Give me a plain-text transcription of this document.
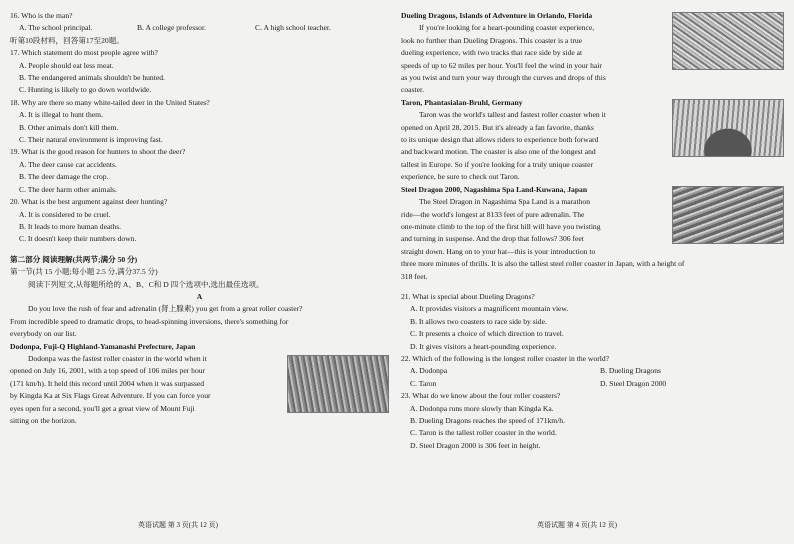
16. Who is the man?
A. The school principal.	B. A college professor.	C. A high school teacher.
听第10段材料，回答第17至20题。
17. Which statement do most people agree with?
A. People should eat less meat.
B. The endangered animals shouldn't be hunted.
C. Hunting is likely to go down worldwide.
18. Why are there so many white-tailed deer in the United States?
A. It is illegal to hunt them.
B. Other animals don't kill them.
C. Their natural environment is improving fast.
19. What is the good reason for hunters to shoot the deer?
A. The deer cause car accidents.
B. The deer damage the crop.
C. The deer harm other animals.
20. What is the best argument against deer hunting?
A. It is considered to be cruel.
B. It leads to more human deaths.
C. It doesn't keep their numbers down.
第二部分 阅读理解(共两节;满分 50 分)
第一节(共 15 小题;每小题 2.5 分,满分37.5 分)
阅读下列短文,从每题所给的 A、B、C和 D 四个选项中,选出最佳选项。
A
Do you love the rush of fear and adrenalin (肾上腺素) you get from a great roller coaster?
From incredible speed to dramatic drops, to head-spinning inversions, there's something for
everybody on our list.
Dodonpa, Fuji-Q Highland-Yamanashi Prefecture, Japan
Dodonpa was the fastest roller coaster in the world when it
opened on July 16, 2001, with a top speed of 106 miles per hour
(171 km/h). It held this record until 2004 when it was surpassed
by Kingda Ka at Six Flags Great Adventure. If you can force your
eyes open for a second, you'll get a great view of Mount Fuji
sitting on the horizon.
英语试题 第 3 页(共 12 页)
Dueling Dragons, Islands of Adventure in Orlando, Florida
If you're looking for a heart-pounding coaster experience,
look no further than Dueling Dragons. This coaster is a true
dueling experience, with two tracks that race side by side at
speeds of up to 62 miles per hour. You'll feel the wind in your hair
as you twist and turn your way through the curves and drops of this
coaster.
Taron, Phantasialan-Bruhl, Germany
Taron was the world's tallest and fastest roller coaster when it
opened on April 28, 2015. But it's already a fan favorite, thanks
to its unique design that allows riders to experience both forward
and backward motion. The coaster is also one of the longest and
tallest in Europe. So if you're looking for a truly unique coaster
experience, be sure to check out Taron.
Steel Dragon 2000, Nagashima Spa Land-Kuwana, Japan
The Steel Dragon in Nagashima Spa Land is a marathon
ride—the world's longest at 8133 feet of pure adrenalin. The
one-minute climb to the top of the first hill will have you twisting
and turning in suspense. And the drop that follows? 306 feet
straight down. Hang on to your hat—this is your introduction to
three more minutes of thrills. It is also the tallest steel roller coaster in Japan, with a height of
318 feet.
21. What is special about Dueling Dragons?
A. It provides visitors a magnificent mountain view.
B. It allows two coasters to race side by side.
C. It presents a choice of which direction to travel.
D. It gives visitors a heart-pounding experience.
22. Which of the following is the longest roller coaster in the world?
A. Dodonpa	B. Dueling Dragons
C. Taron	D. Steel Dragon 2000
23. What do we know about the four roller coasters?
A. Dodonpa runs more slowly than Kingda Ka.
B. Dueling Dragons reaches the speed of 171km/h.
C. Taron is the tallest roller coaster in the world.
D. Steel Dragon 2000 is 306 feet in height.
英语试题 第 4 页(共 12 页)
